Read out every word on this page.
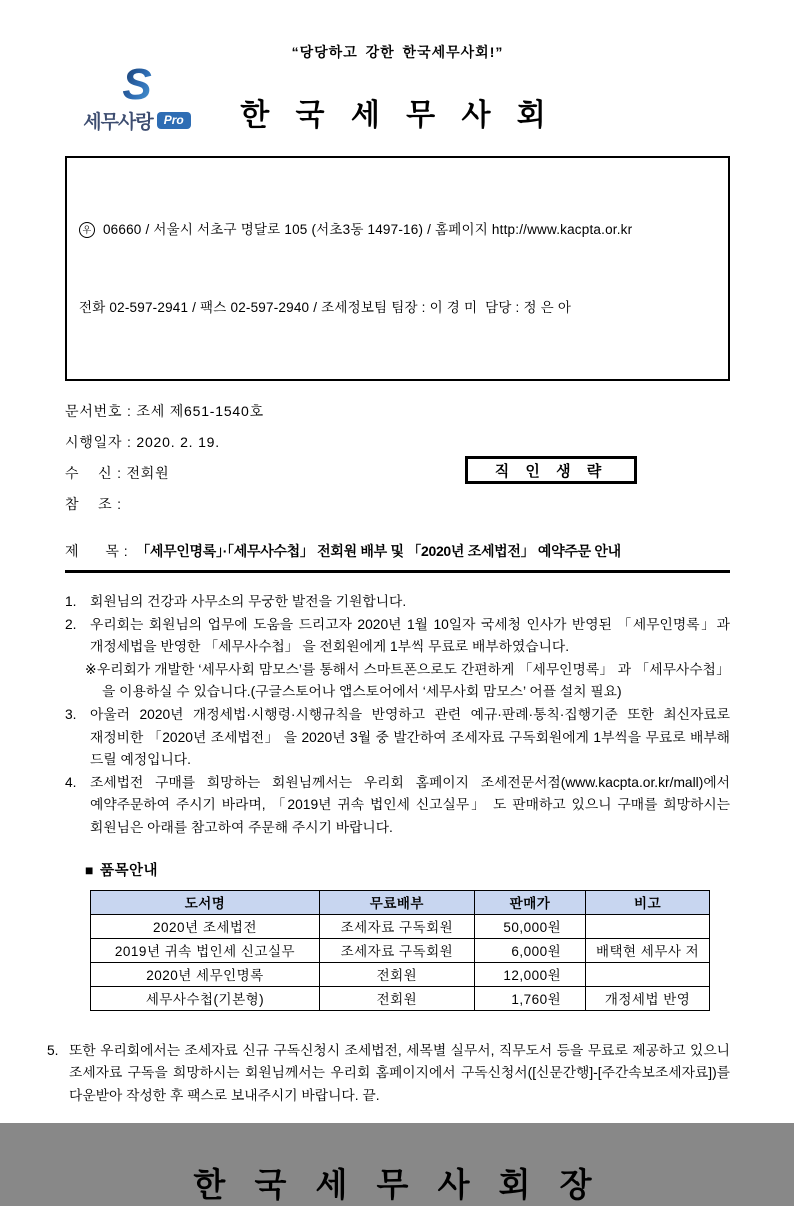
“당당하고 강한 한국세무사회!”
S
세무사랑 Pro	한 국 세 무 사 회

우 06660 / 서울시 서초구 명달로 105 (서초3동 1497-16) / 홈페이지 http://www.kacpta.or.kr

전화 02-597-2941 / 팩스 02-597-2940 / 조세정보팀 팀장 : 이 경 미  담당 : 정 은 아

문서번호 : 조세 제651-1540호
시행일자 : 2020. 2. 19.
수    신 : 전회원
참    조 :
직 인 생 략
제      목 : 「세무인명록」·「세무사수첩」 전회원 배부 및 「2020년 조세법전」 예약주문 안내
1. 회원님의 건강과 사무소의 무궁한 발전을 기원합니다.
2. 우리회는 회원님의 업무에 도움을 드리고자 2020년 1월 10일자 국세청 인사가 반영된 「세무인명록」과 개정세법을 반영한 「세무사수첩」 을 전회원에게 1부씩 무료로 배부하였습니다.
※우리회가 개발한 ‘세무사회 맘모스’를 통해서 스마트폰으로도 간편하게 「세무인명록」 과 「세무사수첩」 을 이용하실 수 있습니다.(구글스토어나 앱스토어에서 ‘세무사회 맘모스’ 어플 설치 필요)
3. 아울러 2020년 개정세법·시행령·시행규칙을 반영하고 관련 예규·판례·통칙·집행기준 또한 최신자료로 재정비한 「2020년 조세법전」 을 2020년 3월 중 발간하여 조세자료 구독회원에게 1부씩을 무료로 배부해 드릴 예정입니다.
4. 조세법전 구매를 희망하는 회원님께서는 우리회 홈페이지 조세전문서점(www.kacpta.or.kr/mall)에서 예약주문하여 주시기 바라며, 「2019년 귀속 법인세 신고실무」 도 판매하고 있으니 구매를 희망하시는 회원님은 아래를 참고하여 주문해 주시기 바랍니다.
■ 품목안내
도서명	무료배부	판매가	비고
2020년 조세법전	조세자료 구독회원	50,000원	
2019년 귀속 법인세 신고실무	조세자료 구독회원	6,000원	배택현 세무사 저
2020년 세무인명록	전회원	12,000원	
세무사수첩(기본형)	전회원	1,760원	개정세법 반영
5. 또한 우리회에서는 조세자료 신규 구독신청시 조세법전, 세목별 실무서, 직무도서 등을 무료로 제공하고 있으니 조세자료 구독을 희망하시는 회원님께서는 우리회 홈페이지에서 구독신청서([신문간행]-[주간속보조세자료])를 다운받아 작성한 후 팩스로 보내주시기 바랍니다. 끝.
한 국 세 무 사 회 장
